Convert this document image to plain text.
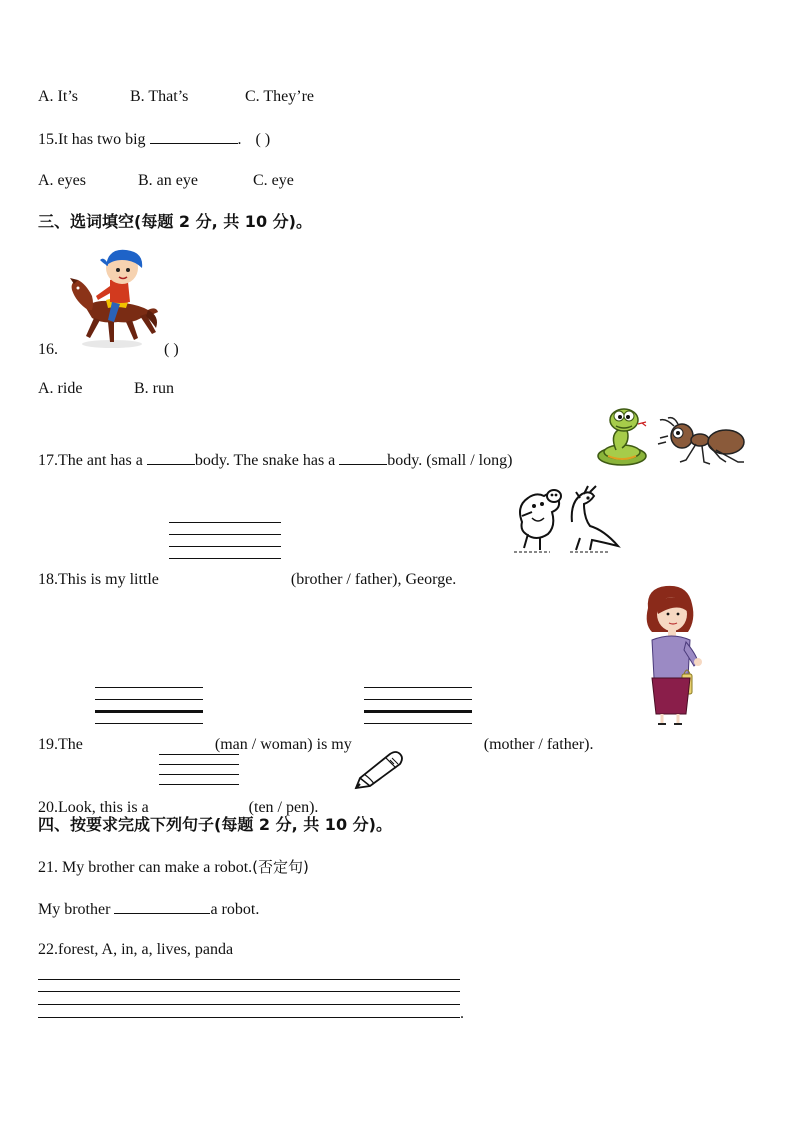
A. It’s	B. That’s	C. They’re
15.It has two big	. ( )
A. eyes	B. an eye	C. eye
三、选词填空(每题 2 分, 共 10 分)。
16.	( )
A. ride	B. run
17.The ant has a	body. The snake has a	body. (small / long)
18.This is my little	(brother / father), George.
19.The	(man / woman) is my	(mother / father).
20.Look, this is a	(ten / pen).
四、按要求完成下列句子(每题 2 分, 共 10 分)。
21. My brother can make a robot.(否定句)
My brother	a robot.
22.forest, A, in, a, lives, panda
.
